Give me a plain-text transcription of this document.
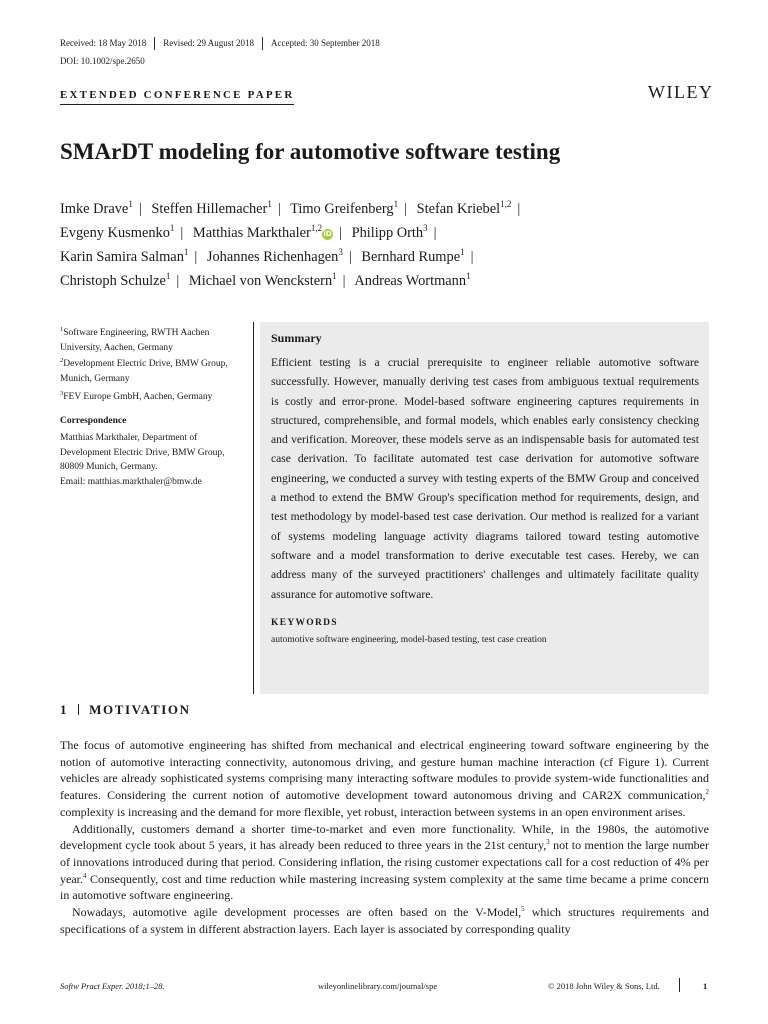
Received: 18 May 2018	Revised: 29 August 2018	Accepted: 30 September 2018
DOI: 10.1002/spe.2650
EXTENDED CONFERENCE PAPER	WILEY
SMArDT modeling for automotive software testing
Imke Drave$^1$ | Steffen Hillemacher$^1$ | Timo Greifenberg$^1$ | Stefan Kriebel$^{1,2}$ |
Evgeny Kusmenko$^1$ | Matthias Markthaler$^{1,2}$iD | Philipp Orth$^3$ |
Karin Samira Salman$^1$ | Johannes Richenhagen$^3$ | Bernhard Rumpe$^1$ |
Christoph Schulze$^1$ | Michael von Wenckstern$^1$ | Andreas Wortmann$^1$
$^1$Software Engineering, RWTH Aachen University, Aachen, Germany
$^2$Development Electric Drive, BMW Group, Munich, Germany
$^3$FEV Europe GmbH, Aachen, Germany
Correspondence
Matthias Markthaler, Department of Development Electric Drive, BMW Group, 80809 Munich, Germany.
Email: matthias.markthaler@bmw.de
Summary

Efficient testing is a crucial prerequisite to engineer reliable automotive software successfully. However, manually deriving test cases from ambiguous textual requirements is costly and error-prone. Model-based software engineering captures requirements in structured, comprehensible, and formal models, which enables early consistency checking and verification. Moreover, these models serve as an indispensable basis for automated test case derivation. To facilitate automated test case derivation for automotive software engineering, we conducted a survey with testing experts of the BMW Group and conceived a method to extend the BMW Group's specification method for requirements, design, and test methodology by model-based test case derivation. Our method is realized for a variant of systems modeling language activity diagrams tailored toward testing automotive software and a model transformation to derive executable test cases. Hereby, we can address many of the surveyed practitioners' challenges and ultimately facilitate quality assurance for automotive software.

KEYWORDS
automotive software engineering, model-based testing, test case creation
1 MOTIVATION

The focus of automotive engineering has shifted from mechanical and electrical engineering toward software engineering by the notion of automotive interacting connectivity, autonomous driving, and gesture human machine interaction (cf Figure 1). Current vehicles are already sophisticated systems comprising many interacting software modules to provide system-wide functionalities and features. Considering the current notion of automotive development toward autonomous driving and CAR2X communication,$^2$ complexity is increasing and the demand for more flexible, yet robust, interaction between systems in an open environment arises.

Additionally, customers demand a shorter time-to-market and even more functionality. While, in the 1980s, the automotive development cycle took about 5 years, it has already been reduced to three years in the 21st century,$^3$ not to mention the large number of innovations introduced during that period. Considering inflation, the rising customer expectations call for a cost reduction of 4% per year.$^4$ Consequently, cost and time reduction while mastering increasing system complexity at the same time became a prime concern in automotive software engineering.

Nowadays, automotive agile development processes are often based on the V-Model,$^5$ which structures requirements and specifications of a system in different abstraction layers. Each layer is associated by corresponding quality

Softw Pract Exper. 2018;1–28.	wileyonlinelibrary.com/journal/spe	© 2018 John Wiley & Sons, Ltd.	1
